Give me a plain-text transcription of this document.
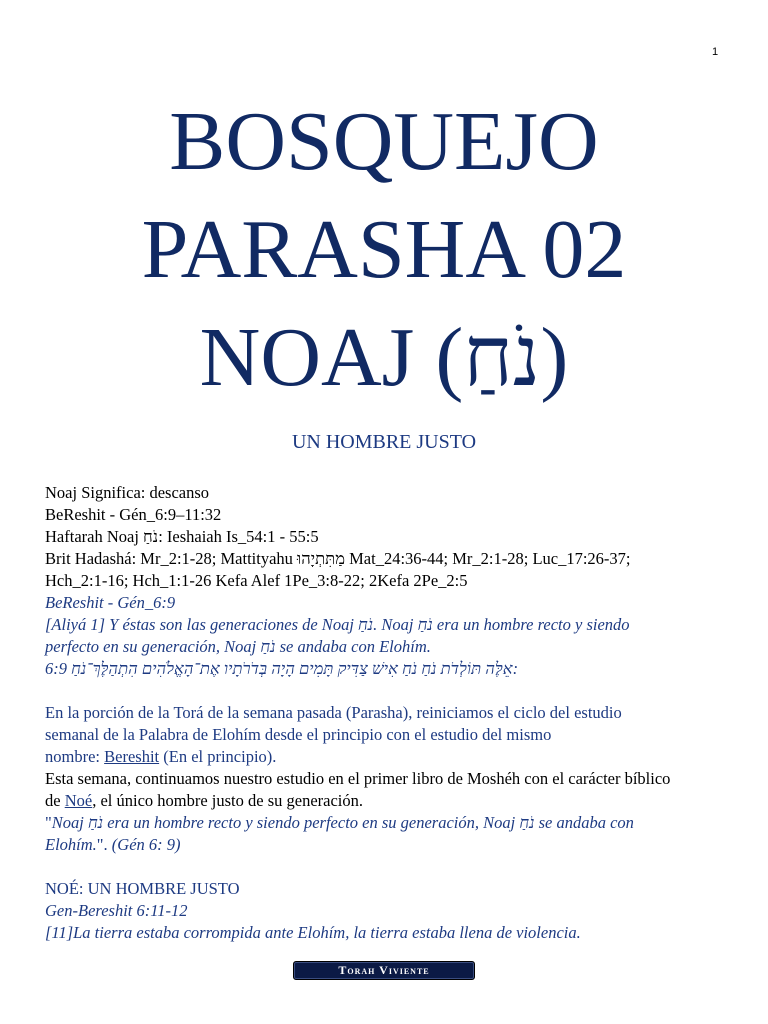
1
BOSQUEJO
PARASHA 02
NOAJ (נֹחַ)
UN HOMBRE JUSTO

Noaj Significa: descanso

BeReshit - Gén_6:9–11:32

Haftarah Noaj נֹחַ: Ieshaiah Is_54:1 - 55:5

Brit Hadashá: Mr_2:1-28; Mattityahu מַתִּתְיָהוּ Mat_24:36-44; Mr_2:1-28; Luc_17:26-37;

Hch_2:1-16; Hch_1:1-26 Kefa Alef 1Pe_3:8-22; 2Kefa 2Pe_2:5

BeReshit - Gén_6:9

[Aliyá 1] Y éstas son las generaciones de Noaj נֹחַ. Noaj נֹחַ era un hombre recto y siendo

perfecto en su generación, Noaj נֹחַ se andaba con Elohím.

6:9 אֵלֶּה תּוֹלְדֹת נֹחַ נֹחַ אִישׁ צַדִּיק תָּמִים הָיָה בְּדֹרֹתָיו אֶת־הָאֱלֹהִים הִתְהַלֶּךְ־נֹחַ:

En la porción de la Torá de la semana pasada (Parasha), reiniciamos el ciclo del estudio

semanal de la Palabra de Elohím desde el principio con el estudio del mismo

nombre: Bereshit (En el principio).

Esta semana, continuamos nuestro estudio en el primer libro de Moshéh con el carácter bíblico

de Noé, el único hombre justo de su generación.

"Noaj נֹחַ era un hombre recto y siendo perfecto en su generación, Noaj נֹחַ se andaba con

Elohím.". (Gén 6: 9)

NOÉ: UN HOMBRE JUSTO

Gen-Bereshit 6:11-12

[11]La tierra estaba corrompida ante Elohím, la tierra estaba llena de violencia.

Torah Viviente
